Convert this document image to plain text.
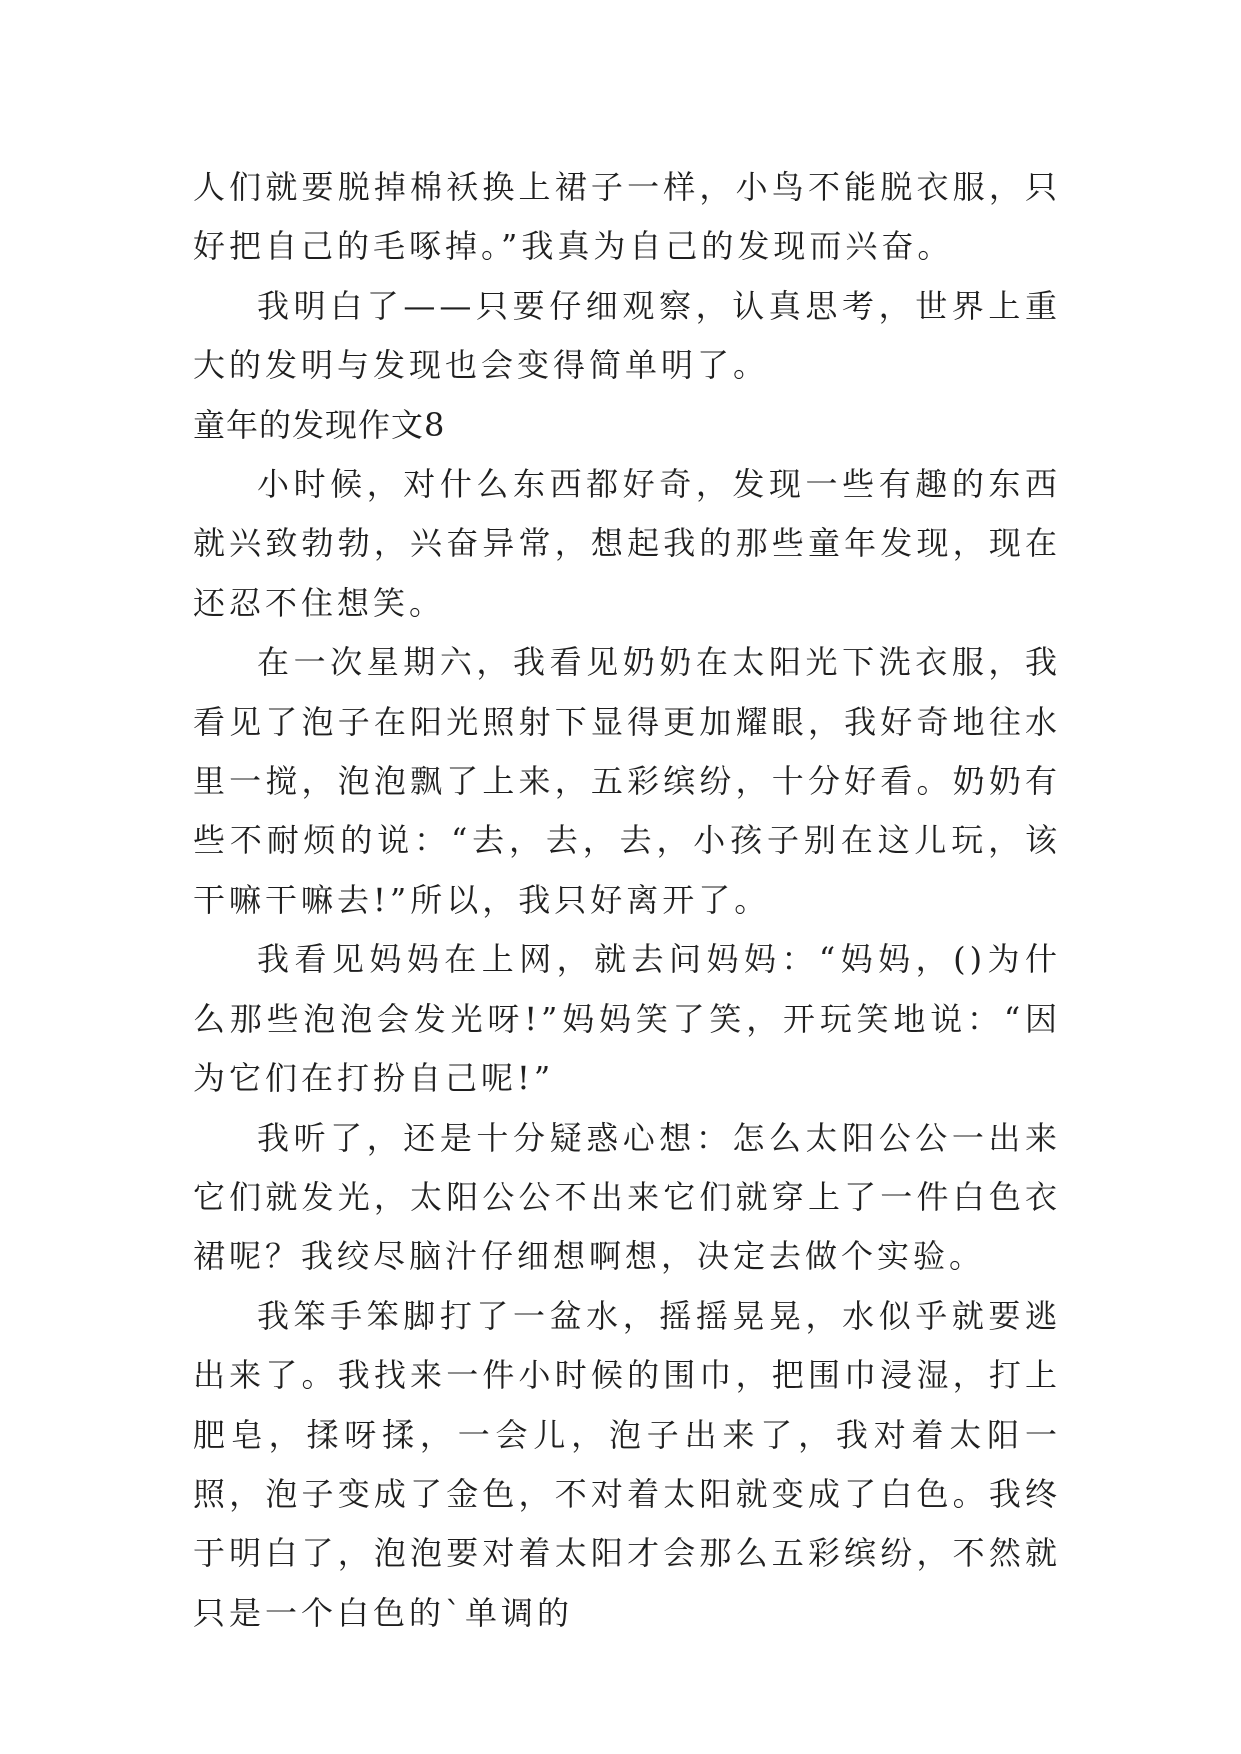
人们就要脱掉棉袄换上裙子一样，小鸟不能脱衣服，只好把自己的毛啄掉。”我真为自己的发现而兴奋。

我明白了——只要仔细观察，认真思考，世界上重大的发明与发现也会变得简单明了。

童年的发现作文8

小时候，对什么东西都好奇，发现一些有趣的东西就兴致勃勃，兴奋异常，想起我的那些童年发现，现在还忍不住想笑。

在一次星期六，我看见奶奶在太阳光下洗衣服，我看见了泡子在阳光照射下显得更加耀眼，我好奇地往水里一搅，泡泡飘了上来，五彩缤纷，十分好看。奶奶有些不耐烦的说：“去，去，去，小孩子别在这儿玩，该干嘛干嘛去!”所以，我只好离开了。

我看见妈妈在上网，就去问妈妈：“妈妈，()为什么那些泡泡会发光呀!”妈妈笑了笑，开玩笑地说：“因为它们在打扮自己呢!”

我听了，还是十分疑惑心想：怎么太阳公公一出来它们就发光，太阳公公不出来它们就穿上了一件白色衣裙呢？我绞尽脑汁仔细想啊想，决定去做个实验。

我笨手笨脚打了一盆水，摇摇晃晃，水似乎就要逃出来了。我找来一件小时候的围巾，把围巾浸湿，打上肥皂，揉呀揉，一会儿，泡子出来了，我对着太阳一照，泡子变成了金色，不对着太阳就变成了白色。我终于明白了，泡泡要对着太阳才会那么五彩缤纷，不然就只是一个白色的`单调的
